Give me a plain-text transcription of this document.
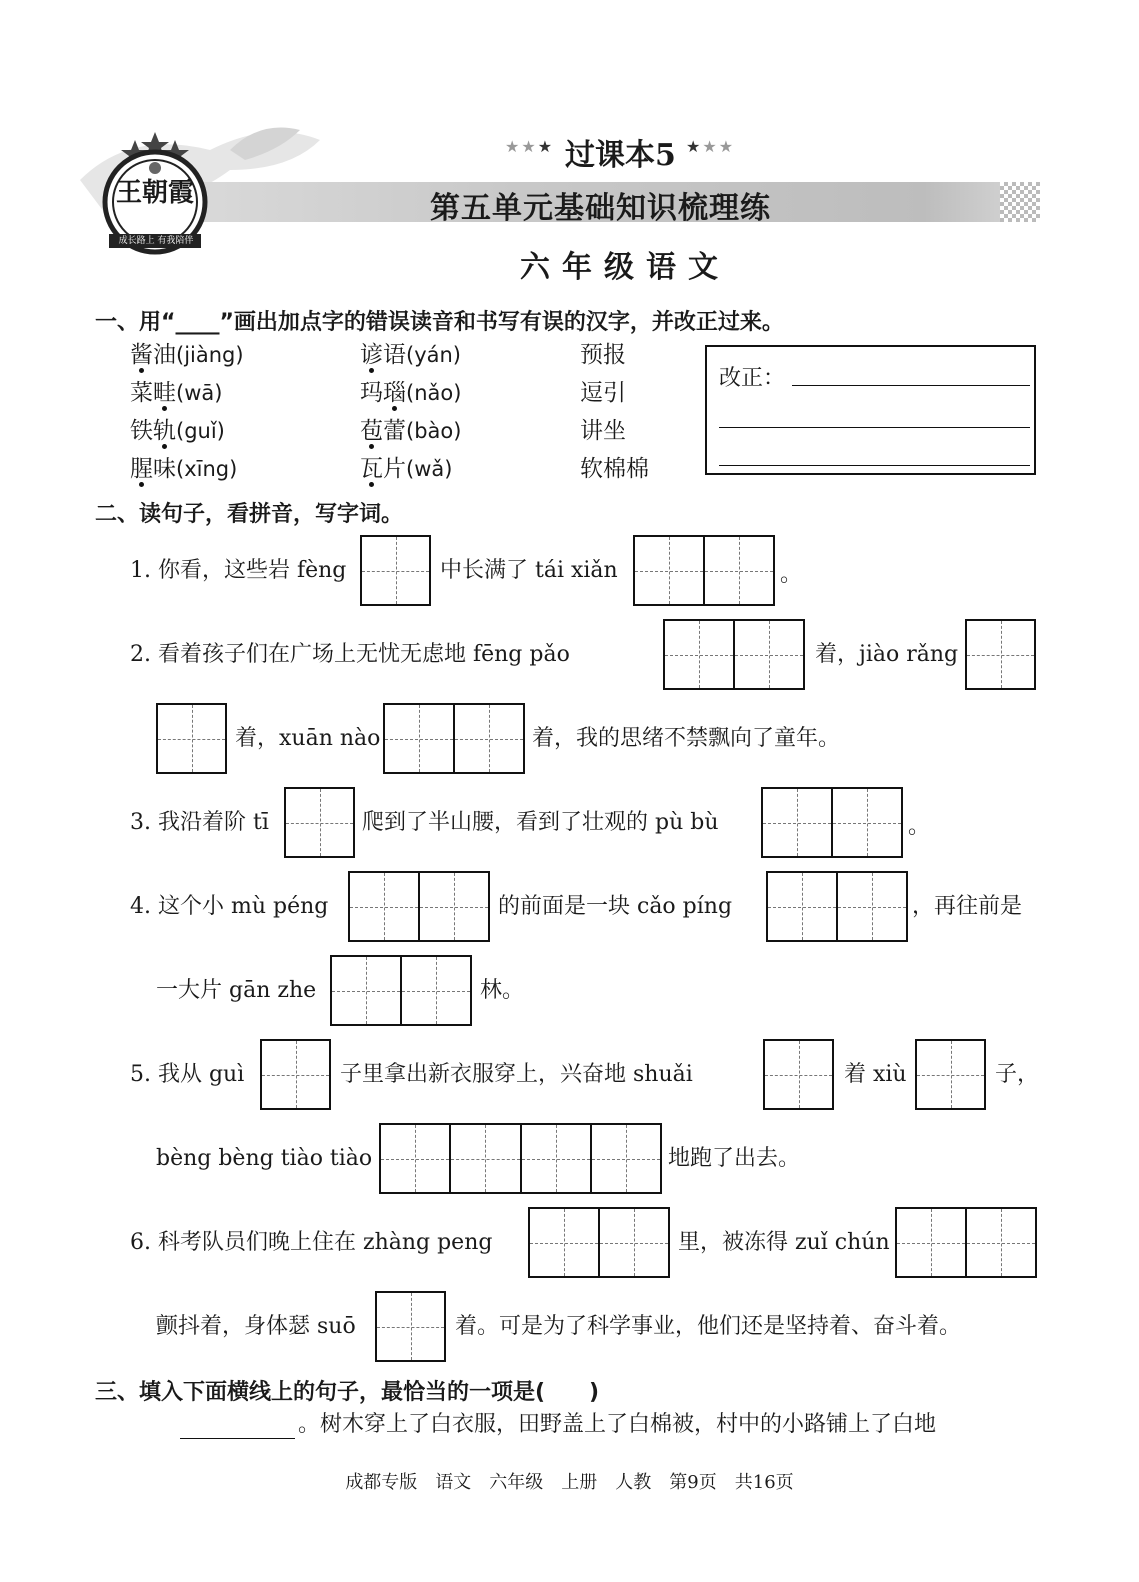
王朝霞
成长路上 有我陪伴
★★★ 过课本5 ★★★
第五单元基础知识梳理练
六年级语文
一、用“____”画出加点字的错误读音和书写有误的汉字，并改正过来。
酱油(jiàng)	谚语(yán)	预报
菜畦(wā)	玛瑙(nǎo)	逗引
铁轨(guǐ)	苞蕾(bào)	讲坐
腥味(xīng)	瓦片(wǎ)	软棉棉
改正：
二、读句子，看拼音，写字词。
1. 你看，这些岩 fèng	中长满了 tái xiǎn	。
2. 看着孩子们在广场上无忧无虑地 fēng pǎo	着，jiào rǎng
着，xuān nào	着，我的思绪不禁飘向了童年。
3. 我沿着阶 tī	爬到了半山腰，看到了壮观的 pù bù	。
4. 这个小 mù péng	的前面是一块 cǎo píng	，再往前是
一大片 gān zhe	林。
5. 我从 guì	子里拿出新衣服穿上，兴奋地 shuǎi	着 xiù	子，
bèng bèng tiào tiào	地跑了出去。
6. 科考队员们晚上住在 zhàng peng	里，被冻得 zuǐ chún
颤抖着，身体瑟 suō	着。可是为了科学事业，他们还是坚持着、奋斗着。
三、填入下面横线上的句子，最恰当的一项是(　　)
。树木穿上了白衣服，田野盖上了白棉被，村中的小路铺上了白地
成都专版　语文　六年级　上册　人教　第9页　共16页
